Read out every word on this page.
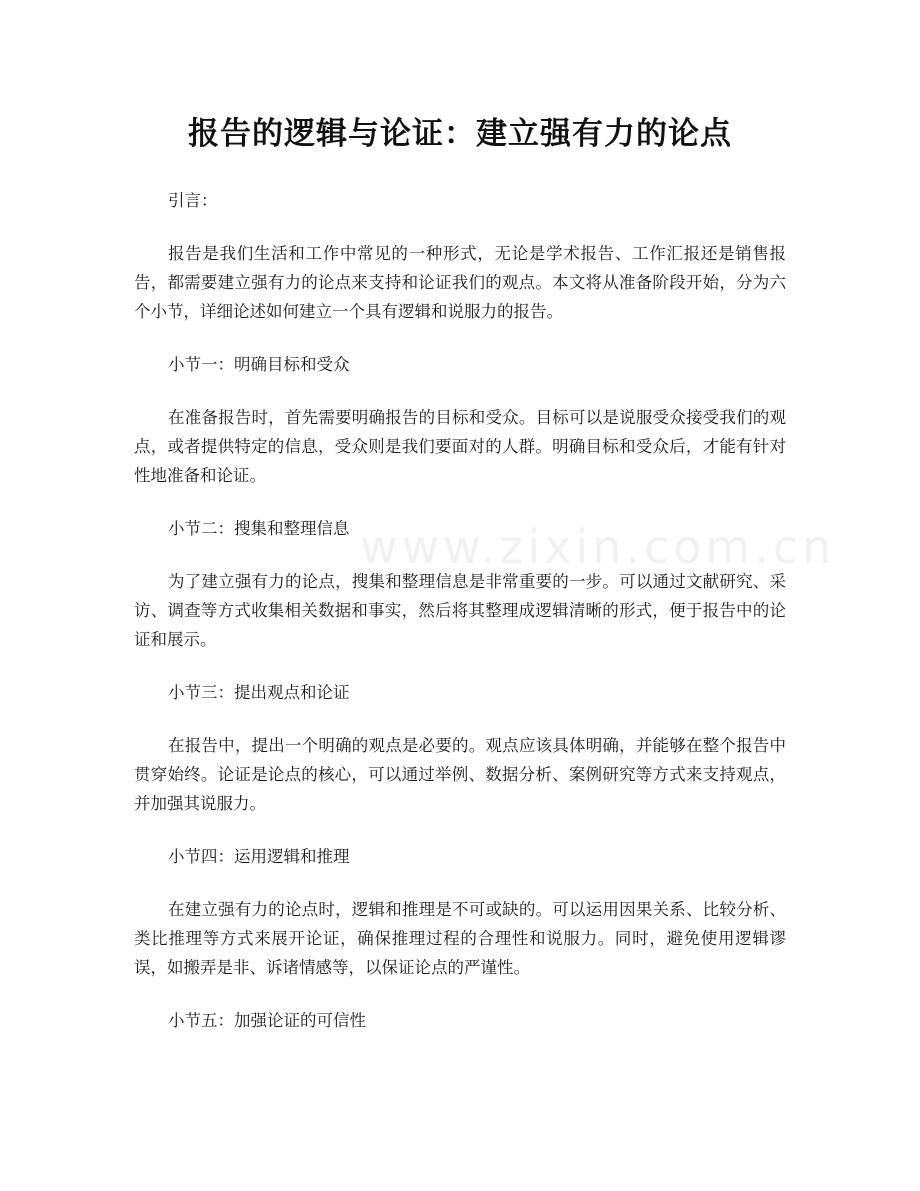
报告的逻辑与论证：建立强有力的论点
www.zixin.com.cn

引言：

报告是我们生活和工作中常见的一种形式，无论是学术报告、工作汇报还是销售报告，都需要建立强有力的论点来支持和论证我们的观点。本文将从准备阶段开始，分为六个小节，详细论述如何建立一个具有逻辑和说服力的报告。

小节一：明确目标和受众

在准备报告时，首先需要明确报告的目标和受众。目标可以是说服受众接受我们的观点，或者提供特定的信息，受众则是我们要面对的人群。明确目标和受众后，才能有针对性地准备和论证。

小节二：搜集和整理信息

为了建立强有力的论点，搜集和整理信息是非常重要的一步。可以通过文献研究、采访、调查等方式收集相关数据和事实，然后将其整理成逻辑清晰的形式，便于报告中的论证和展示。

小节三：提出观点和论证

在报告中，提出一个明确的观点是必要的。观点应该具体明确，并能够在整个报告中贯穿始终。论证是论点的核心，可以通过举例、数据分析、案例研究等方式来支持观点，并加强其说服力。

小节四：运用逻辑和推理

在建立强有力的论点时，逻辑和推理是不可或缺的。可以运用因果关系、比较分析、类比推理等方式来展开论证，确保推理过程的合理性和说服力。同时，避免使用逻辑谬误，如搬弄是非、诉诸情感等，以保证论点的严谨性。

小节五：加强论证的可信性
